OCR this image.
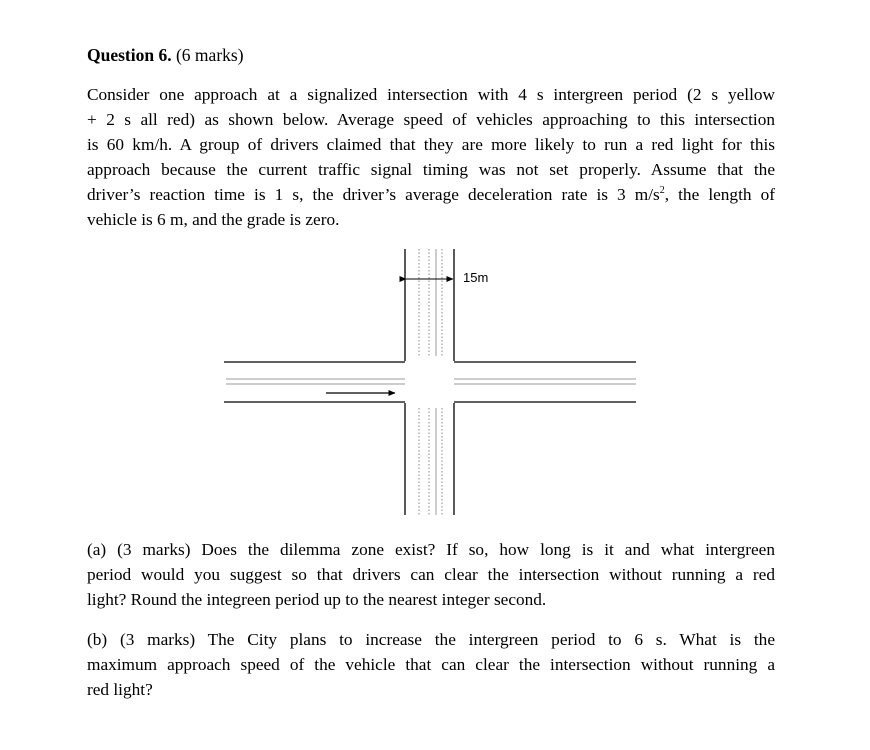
Question 6. (6 marks)
Consider one approach at a signalized intersection with 4 s intergreen period (2 s yellow
+ 2 s all red) as shown below. Average speed of vehicles approaching to this intersection
is 60 km/h. A group of drivers claimed that they are more likely to run a red light for this
approach because the current traffic signal timing was not set properly. Assume that the
driver’s reaction time is 1 s, the driver’s average deceleration rate is 3 $m/s^2$, the length of
vehicle is 6 m, and the grade is zero.
15m
(a) (3 marks) Does the dilemma zone exist? If so, how long is it and what intergreen
period would you suggest so that drivers can clear the intersection without running a red
light? Round the integreen period up to the nearest integer second.
(b) (3 marks) The City plans to increase the intergreen period to 6 s. What is the
maximum approach speed of the vehicle that can clear the intersection without running a
red light?
